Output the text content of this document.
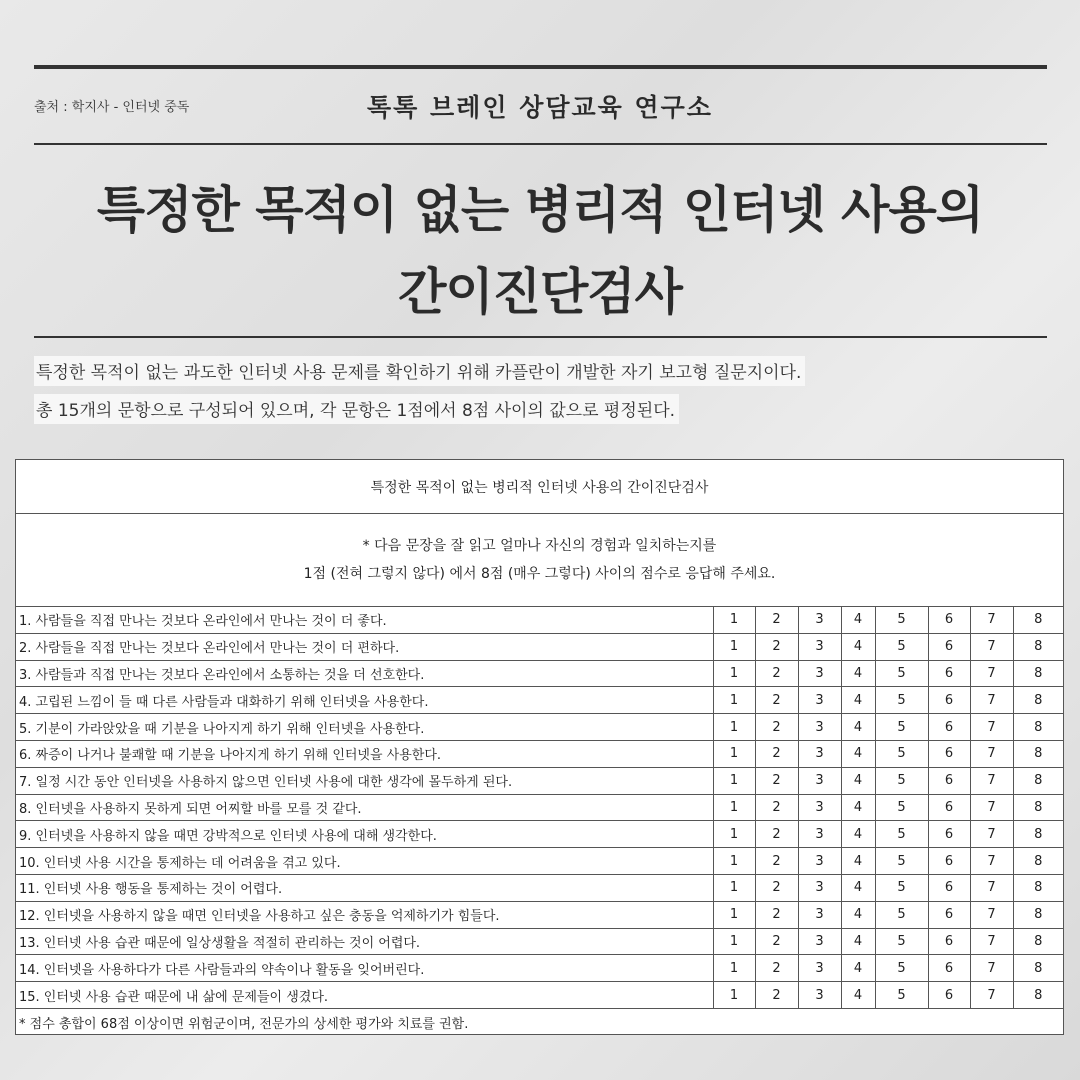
출처 : 학지사 - 인터넷 중독	톡톡 브레인 상담교육 연구소
특정한 목적이 없는 병리적 인터넷 사용의
간이진단검사
특정한 목적이 없는 과도한 인터넷 사용 문제를 확인하기 위해 카플란이 개발한 자기 보고형 질문지이다.
총 15개의 문항으로 구성되어 있으며, 각 문항은 1점에서 8점 사이의 값으로 평정된다.
특정한 목적이 없는 병리적 인터넷 사용의 간이진단검사
* 다음 문장을 잘 읽고 얼마나 자신의 경험과 일치하는지를
1점 (전혀 그렇지 않다) 에서 8점 (매우 그렇다) 사이의 점수로 응답해 주세요.
1. 사람들을 직접 만나는 것보다 온라인에서 만나는 것이 더 좋다.	1	2	3	4	5	6	7	8
2. 사람들을 직접 만나는 것보다 온라인에서 만나는 것이 더 편하다.	1	2	3	4	5	6	7	8
3. 사람들과 직접 만나는 것보다 온라인에서 소통하는 것을 더 선호한다.	1	2	3	4	5	6	7	8
4. 고립된 느낌이 들 때 다른 사람들과 대화하기 위해 인터넷을 사용한다.	1	2	3	4	5	6	7	8
5. 기분이 가라앉았을 때 기분을 나아지게 하기 위해 인터넷을 사용한다.	1	2	3	4	5	6	7	8
6. 짜증이 나거나 불쾌할 때 기분을 나아지게 하기 위해 인터넷을 사용한다.	1	2	3	4	5	6	7	8
7. 일정 시간 동안 인터넷을 사용하지 않으면 인터넷 사용에 대한 생각에 몰두하게 된다.	1	2	3	4	5	6	7	8
8. 인터넷을 사용하지 못하게 되면 어찌할 바를 모를 것 같다.	1	2	3	4	5	6	7	8
9. 인터넷을 사용하지 않을 때면 강박적으로 인터넷 사용에 대해 생각한다.	1	2	3	4	5	6	7	8
10. 인터넷 사용 시간을 통제하는 데 어려움을 겪고 있다.	1	2	3	4	5	6	7	8
11. 인터넷 사용 행동을 통제하는 것이 어렵다.	1	2	3	4	5	6	7	8
12. 인터넷을 사용하지 않을 때면 인터넷을 사용하고 싶은 충동을 억제하기가 힘들다.	1	2	3	4	5	6	7	8
13. 인터넷 사용 습관 때문에 일상생활을 적절히 관리하는 것이 어렵다.	1	2	3	4	5	6	7	8
14. 인터넷을 사용하다가 다른 사람들과의 약속이나 활동을 잊어버린다.	1	2	3	4	5	6	7	8
15. 인터넷 사용 습관 때문에 내 삶에 문제들이 생겼다.	1	2	3	4	5	6	7	8
* 점수 총합이 68점 이상이면 위험군이며, 전문가의 상세한 평가와 치료를 권함.
